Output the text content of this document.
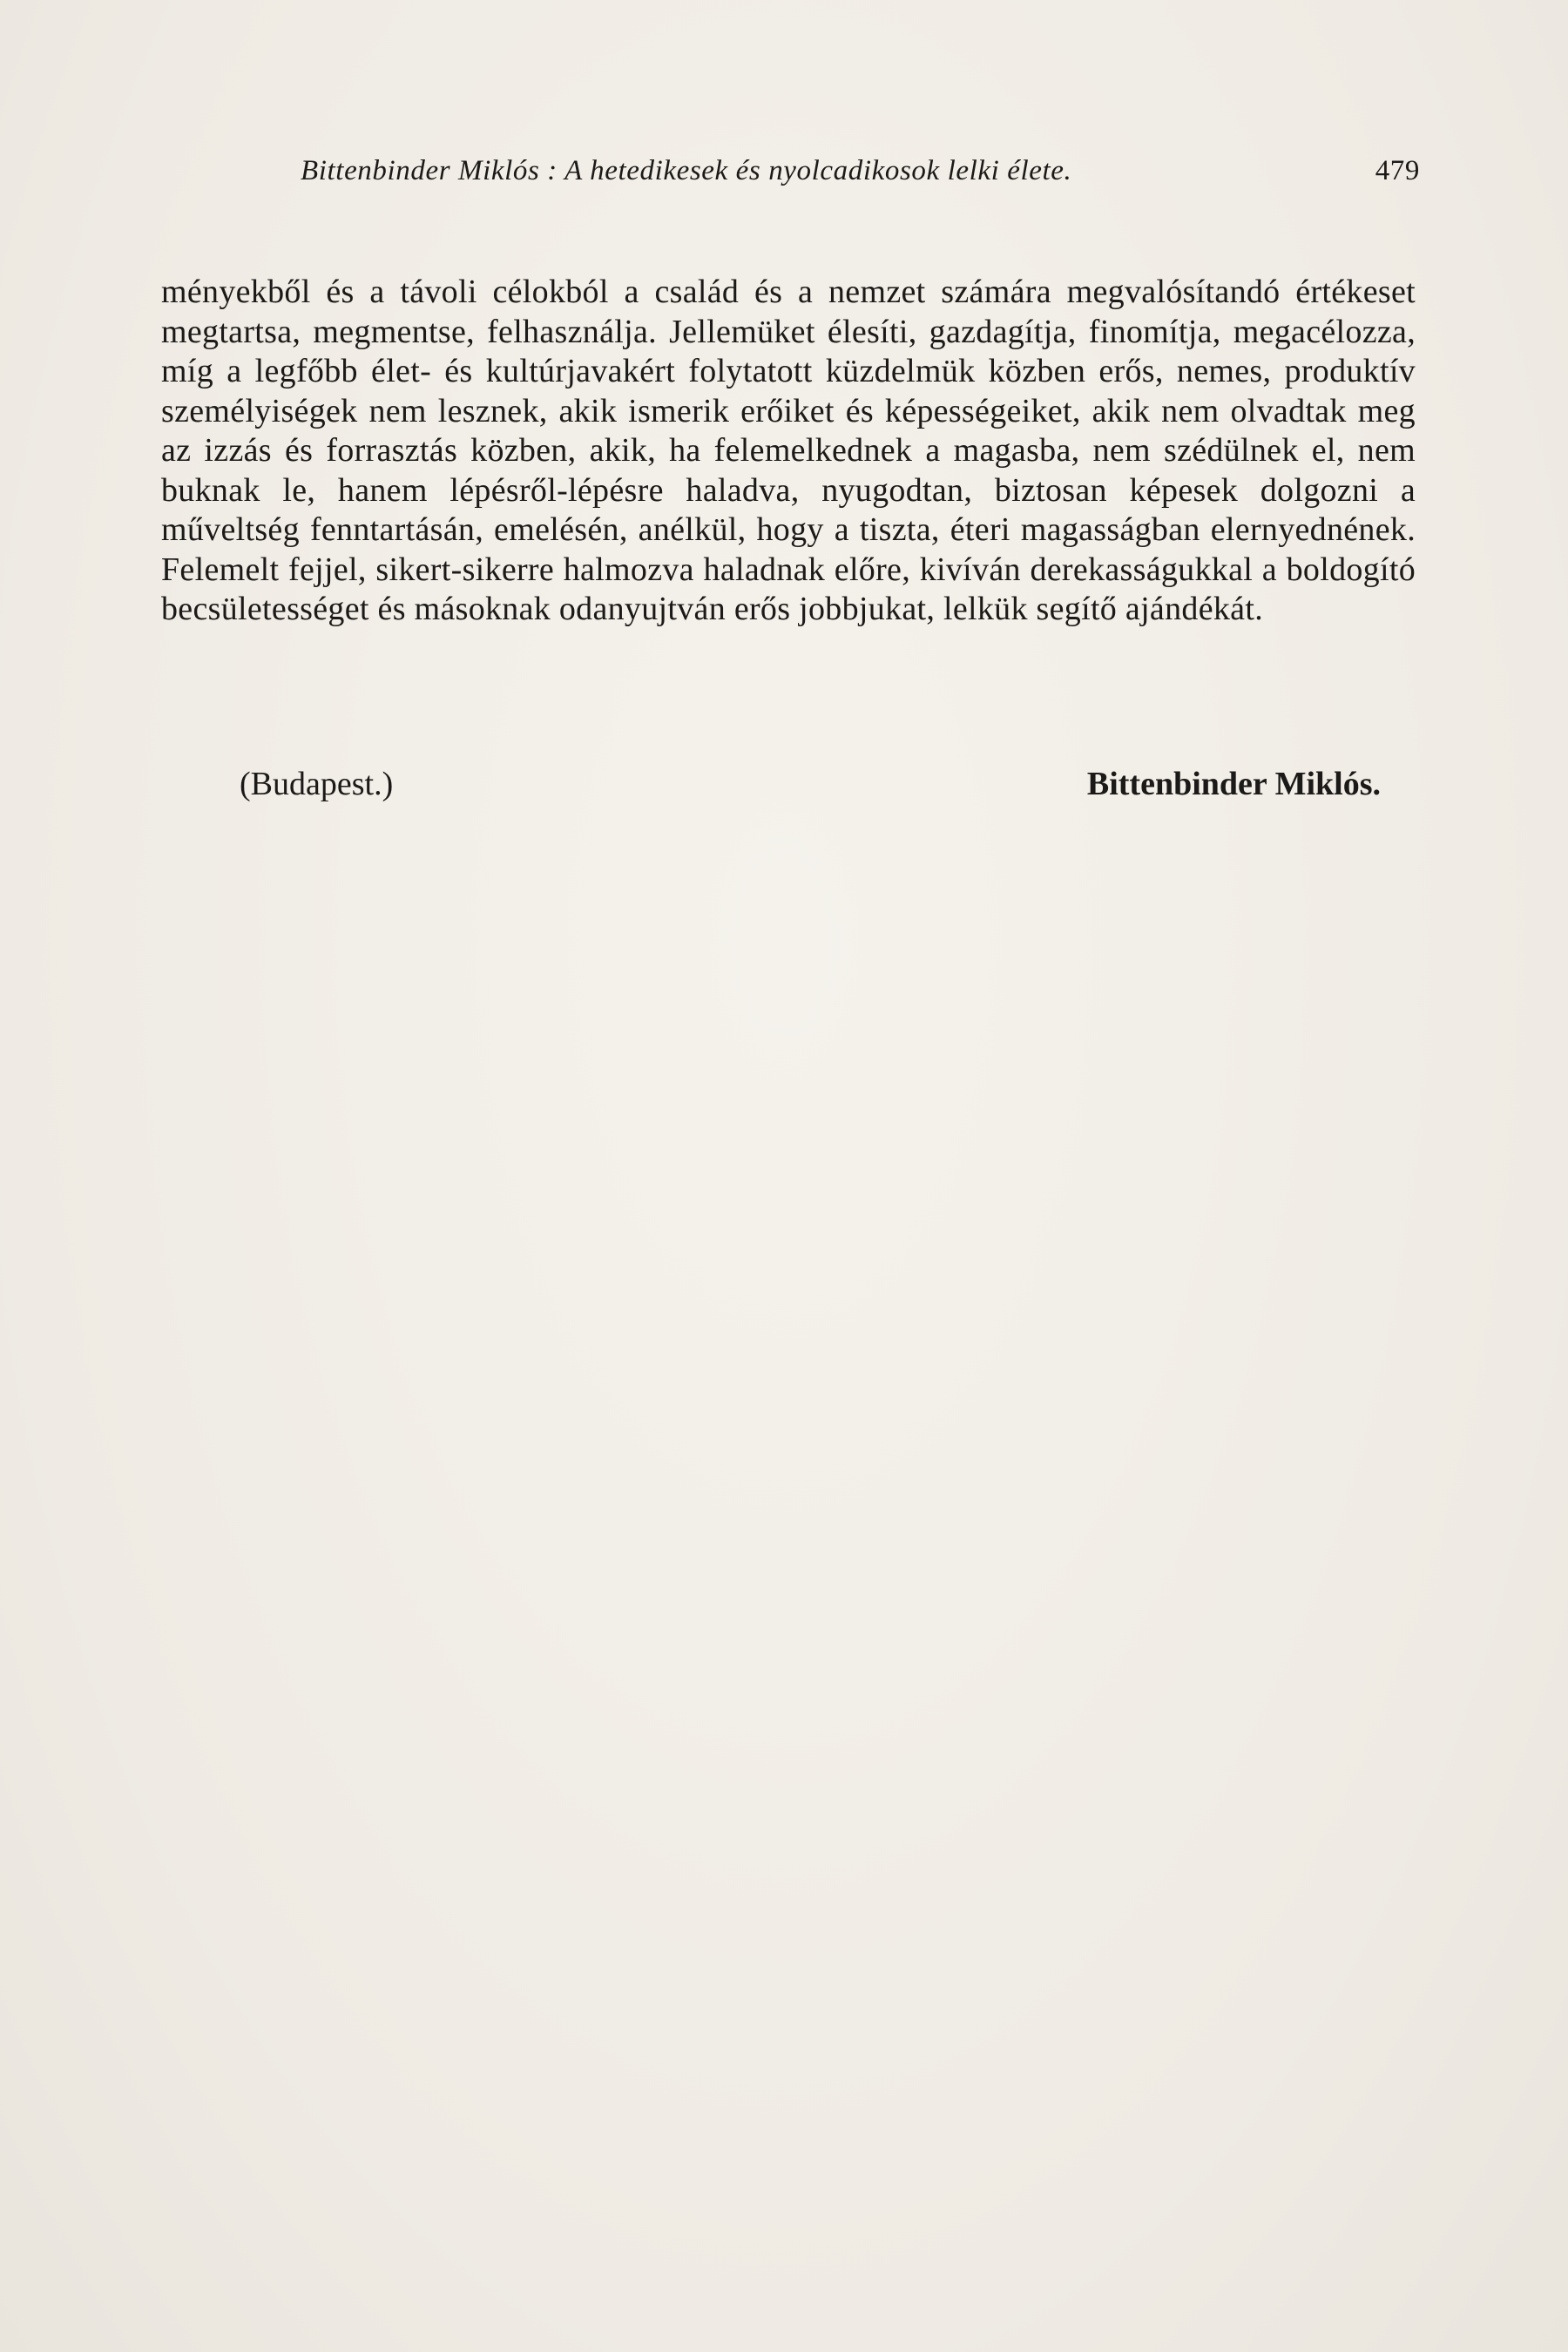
Bittenbinder Miklós : A hetedikesek és nyolcadikosok lelki élete.	479
ményekből és a távoli célokból a család és a nemzet számára megvalósítandó értékeset megtartsa, megmentse, felhasználja. Jellemüket élesíti, gazdagítja, finomítja, megacélozza, míg a legfőbb élet- és kultúrjavakért folytatott küzdelmük közben erős, nemes, produktív személyiségek nem lesznek, akik ismerik erőiket és képességeiket, akik nem olvadtak meg az izzás és forrasztás közben, akik, ha felemelkednek a magasba, nem szédülnek el, nem buknak le, hanem lépésről-lépésre haladva, nyugodtan, biztosan képesek dolgozni a műveltség fenntartásán, emelésén, anélkül, hogy a tiszta, éteri magasságban elernyednének. Felemelt fejjel, sikert-sikerre halmozva haladnak előre, kivíván derekasságukkal a boldogító becsületességet és másoknak odanyujtván erős jobbjukat, lelkük segítő ajándékát.
(Budapest.)	Bittenbinder Miklós.
